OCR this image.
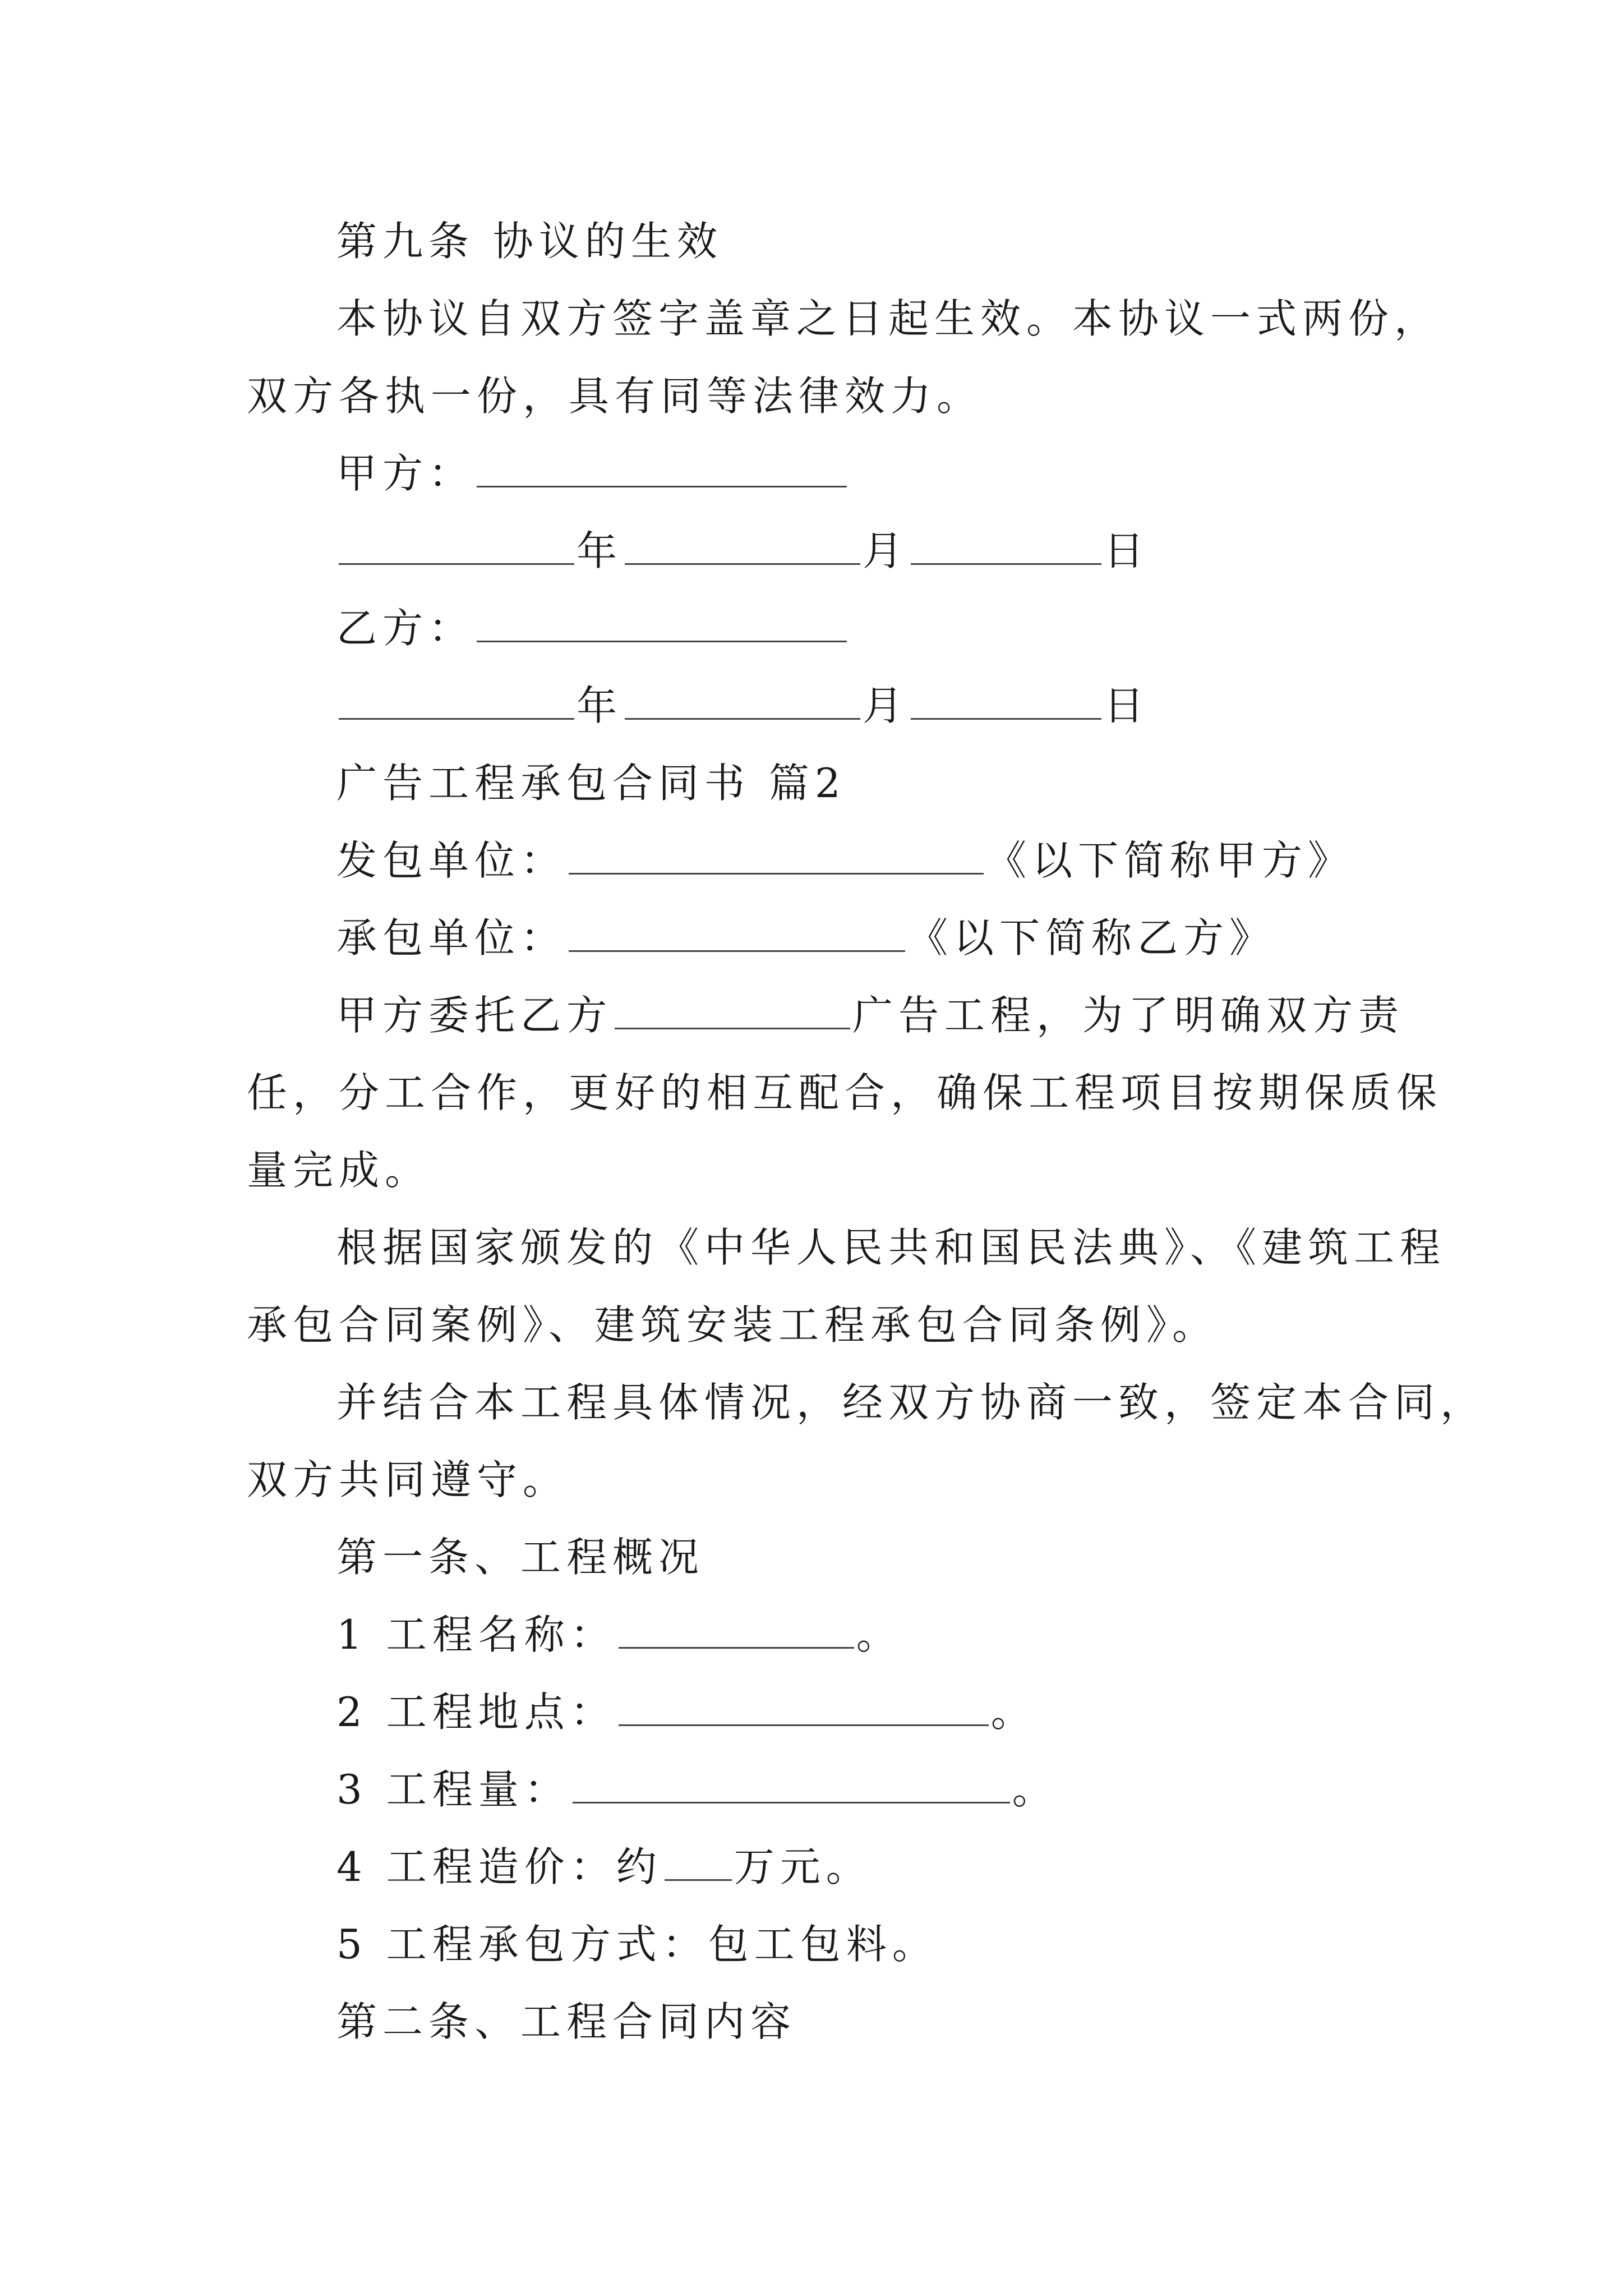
第九条 协议的生效
本协议自双方签字盖章之日起生效。本协议一式两份，
双方各执一份，具有同等法律效力。
甲方：
年	月	日
乙方：
年	月	日
广告工程承包合同书 篇2
发包单位：	《以下简称甲方》
承包单位：	《以下简称乙方》
甲方委托乙方	广告工程，为了明确双方责
任，分工合作，更好的相互配合，确保工程项目按期保质保
量完成。
根据国家颁发的《中华人民共和国民法典》、《建筑工程
承包合同案例》、建筑安装工程承包合同条例》。
并结合本工程具体情况，经双方协商一致，签定本合同，
双方共同遵守。
第一条、工程概况
1 工程名称：	。
2 工程地点：	。
3 工程量：	。
4 工程造价：约 万元。
5 工程承包方式：包工包料。
第二条、工程合同内容
